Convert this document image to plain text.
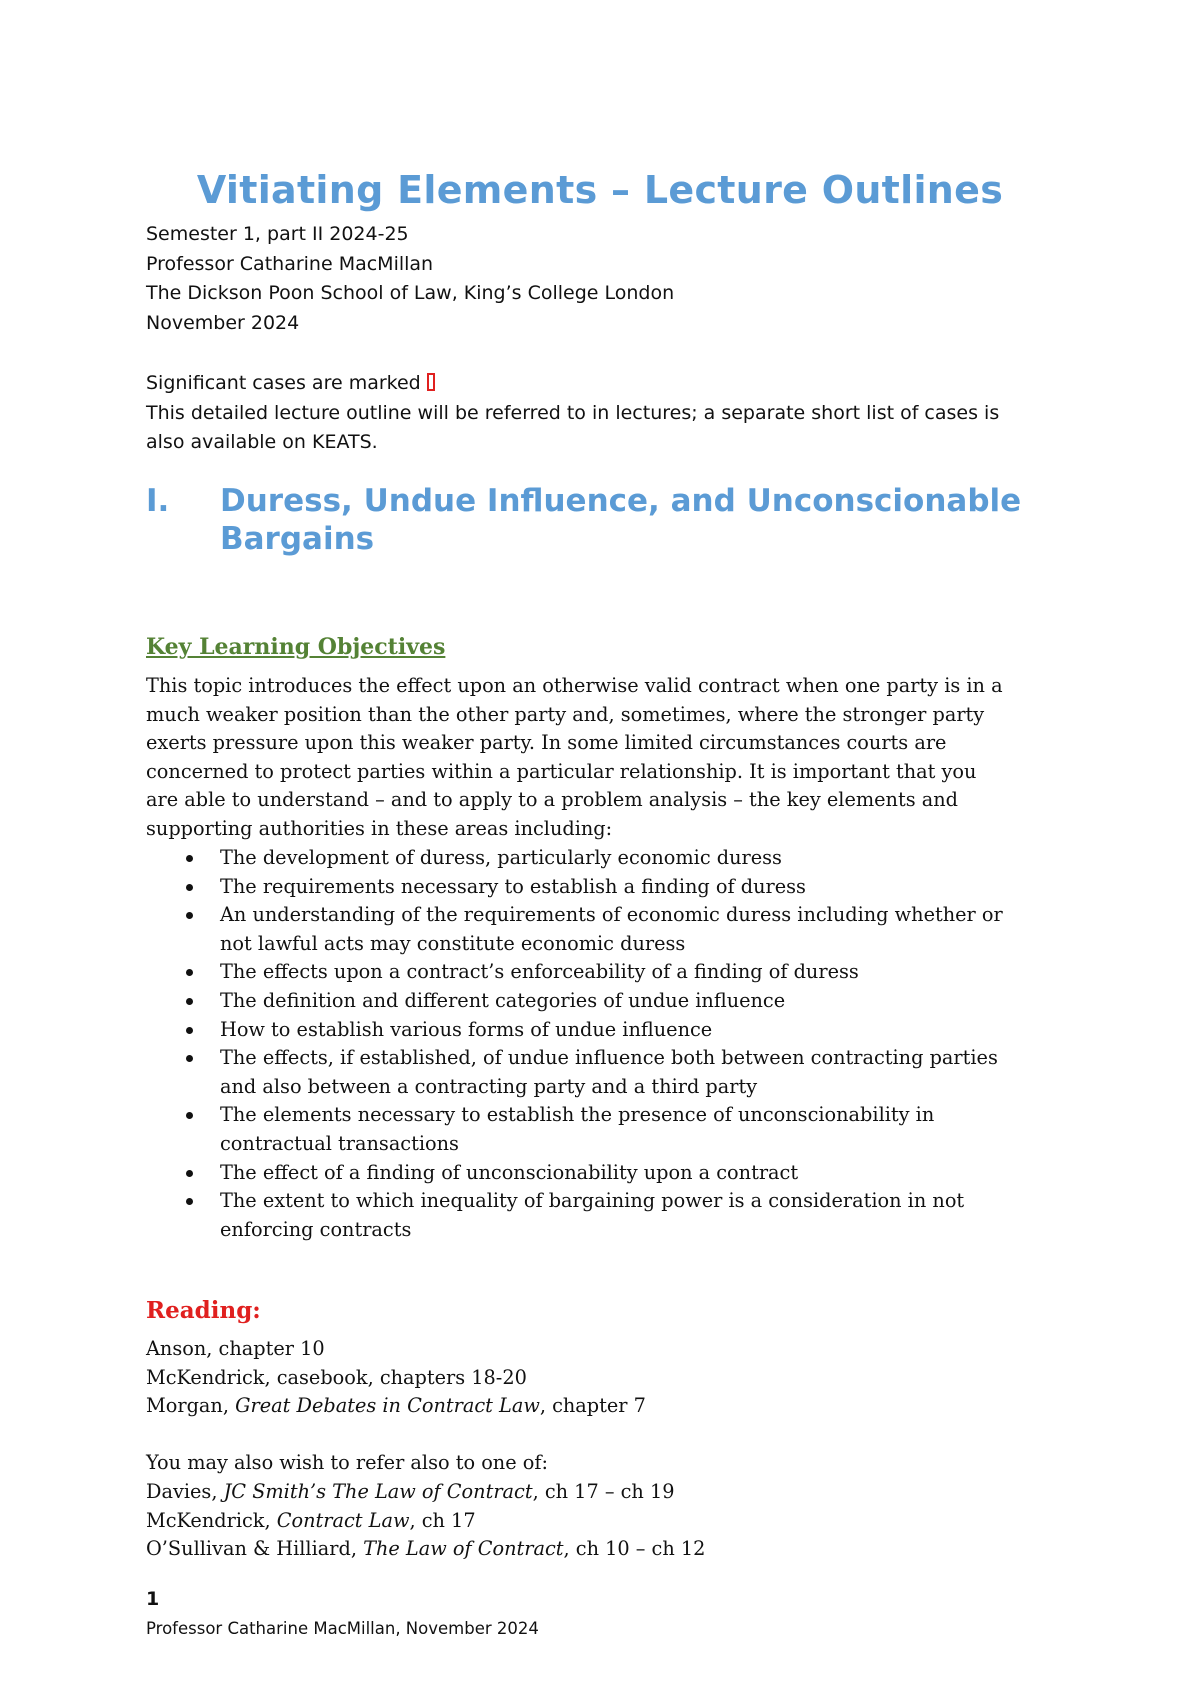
Vitiating Elements – Lecture Outlines
Semester 1, part II 2024-25
Professor Catharine MacMillan
The Dickson Poon School of Law, King’s College London
November 2024
Significant cases are marked
This detailed lecture outline will be referred to in lectures; a separate short list of cases is
also available on KEATS.
I. Duress, Undue Influence, and Unconscionable
Bargains
Key Learning Objectives
This topic introduces the effect upon an otherwise valid contract when one party is in a
much weaker position than the other party and, sometimes, where the stronger party
exerts pressure upon this weaker party. In some limited circumstances courts are
concerned to protect parties within a particular relationship. It is important that you
are able to understand – and to apply to a problem analysis – the key elements and
supporting authorities in these areas including:
The development of duress, particularly economic duress
The requirements necessary to establish a finding of duress
An understanding of the requirements of economic duress including whether or
not lawful acts may constitute economic duress
The effects upon a contract’s enforceability of a finding of duress
The definition and different categories of undue influence
How to establish various forms of undue influence
The effects, if established, of undue influence both between contracting parties
and also between a contracting party and a third party
The elements necessary to establish the presence of unconscionability in
contractual transactions
The effect of a finding of unconscionability upon a contract
The extent to which inequality of bargaining power is a consideration in not
enforcing contracts
Reading:
Anson, chapter 10
McKendrick, casebook, chapters 18-20
Morgan, Great Debates in Contract Law, chapter 7
You may also wish to refer also to one of:
Davies, JC Smith’s The Law of Contract, ch 17 – ch 19
McKendrick, Contract Law, ch 17
O’Sullivan & Hilliard, The Law of Contract, ch 10 – ch 12
1
Professor Catharine MacMillan, November 2024
